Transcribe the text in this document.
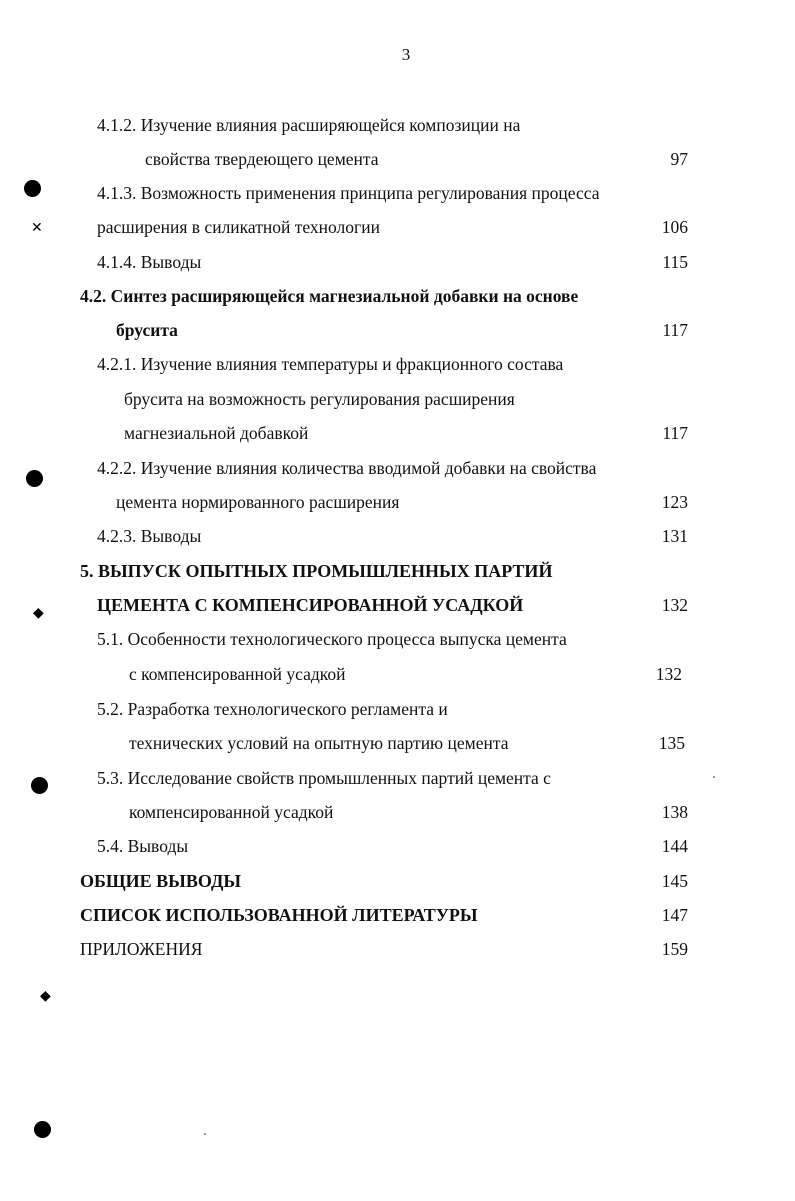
3
4.1.2. Изучение влияния расширяющейся композиции на
свойства твердеющего цемента	97
4.1.3. Возможность применения принципа регулирования процесса
расширения в силикатной технологии	106
4.1.4. Выводы	115
4.2. Синтез расширяющейся магнезиальной добавки на основе
брусита	117
4.2.1. Изучение влияния температуры и фракционного состава
брусита на возможность регулирования расширения
магнезиальной добавкой	117
4.2.2. Изучение влияния количества вводимой добавки на свойства
цемента нормированного расширения	123
4.2.3. Выводы	131
5. ВЫПУСК ОПЫТНЫХ ПРОМЫШЛЕННЫХ ПАРТИЙ
ЦЕМЕНТА С КОМПЕНСИРОВАННОЙ УСАДКОЙ	132
5.1. Особенности технологического процесса выпуска цемента
с компенсированной усадкой	132
5.2. Разработка технологического регламента и
технических условий на опытную партию цемента	135
5.3. Исследование свойств промышленных партий цемента с
компенсированной усадкой	138
5.4. Выводы	144
ОБЩИЕ ВЫВОДЫ	145
СПИСОК ИСПОЛЬЗОВАННОЙ ЛИТЕРАТУРЫ	147
ПРИЛОЖЕНИЯ	159
✕
◆
◆
